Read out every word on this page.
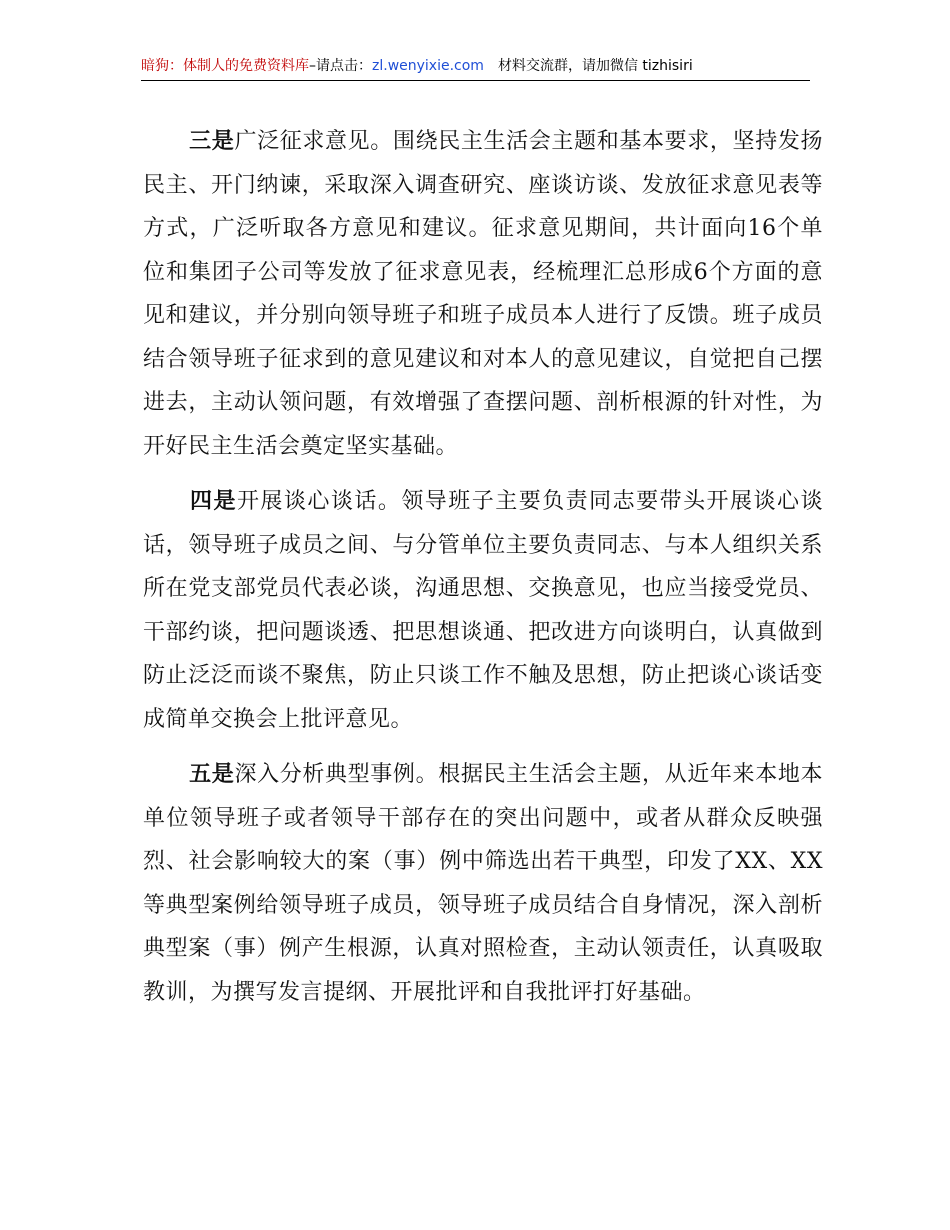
暗狗：体制人的免费资料库–请点击：zl.wenyixie.com 材料交流群，请加微信 tizhisiri

三是广泛征求意见。围绕民主生活会主题和基本要求，坚持发扬民主、开门纳谏，采取深入调查研究、座谈访谈、发放征求意见表等方式，广泛听取各方意见和建议。征求意见期间，共计面向16个单位和集团子公司等发放了征求意见表，经梳理汇总形成6个方面的意见和建议，并分别向领导班子和班子成员本人进行了反馈。班子成员结合领导班子征求到的意见建议和对本人的意见建议，自觉把自己摆进去，主动认领问题，有效增强了查摆问题、剖析根源的针对性，为开好民主生活会奠定坚实基础。

四是开展谈心谈话。领导班子主要负责同志要带头开展谈心谈话，领导班子成员之间、与分管单位主要负责同志、与本人组织关系所在党支部党员代表必谈，沟通思想、交换意见，也应当接受党员、干部约谈，把问题谈透、把思想谈通、把改进方向谈明白，认真做到防止泛泛而谈不聚焦，防止只谈工作不触及思想，防止把谈心谈话变成简单交换会上批评意见。

五是深入分析典型事例。根据民主生活会主题，从近年来本地本单位领导班子或者领导干部存在的突出问题中，或者从群众反映强烈、社会影响较大的案（事）例中筛选出若干典型，印发了XX、XX等典型案例给领导班子成员，领导班子成员结合自身情况，深入剖析典型案（事）例产生根源，认真对照检查，主动认领责任，认真吸取教训，为撰写发言提纲、开展批评和自我批评打好基础。
